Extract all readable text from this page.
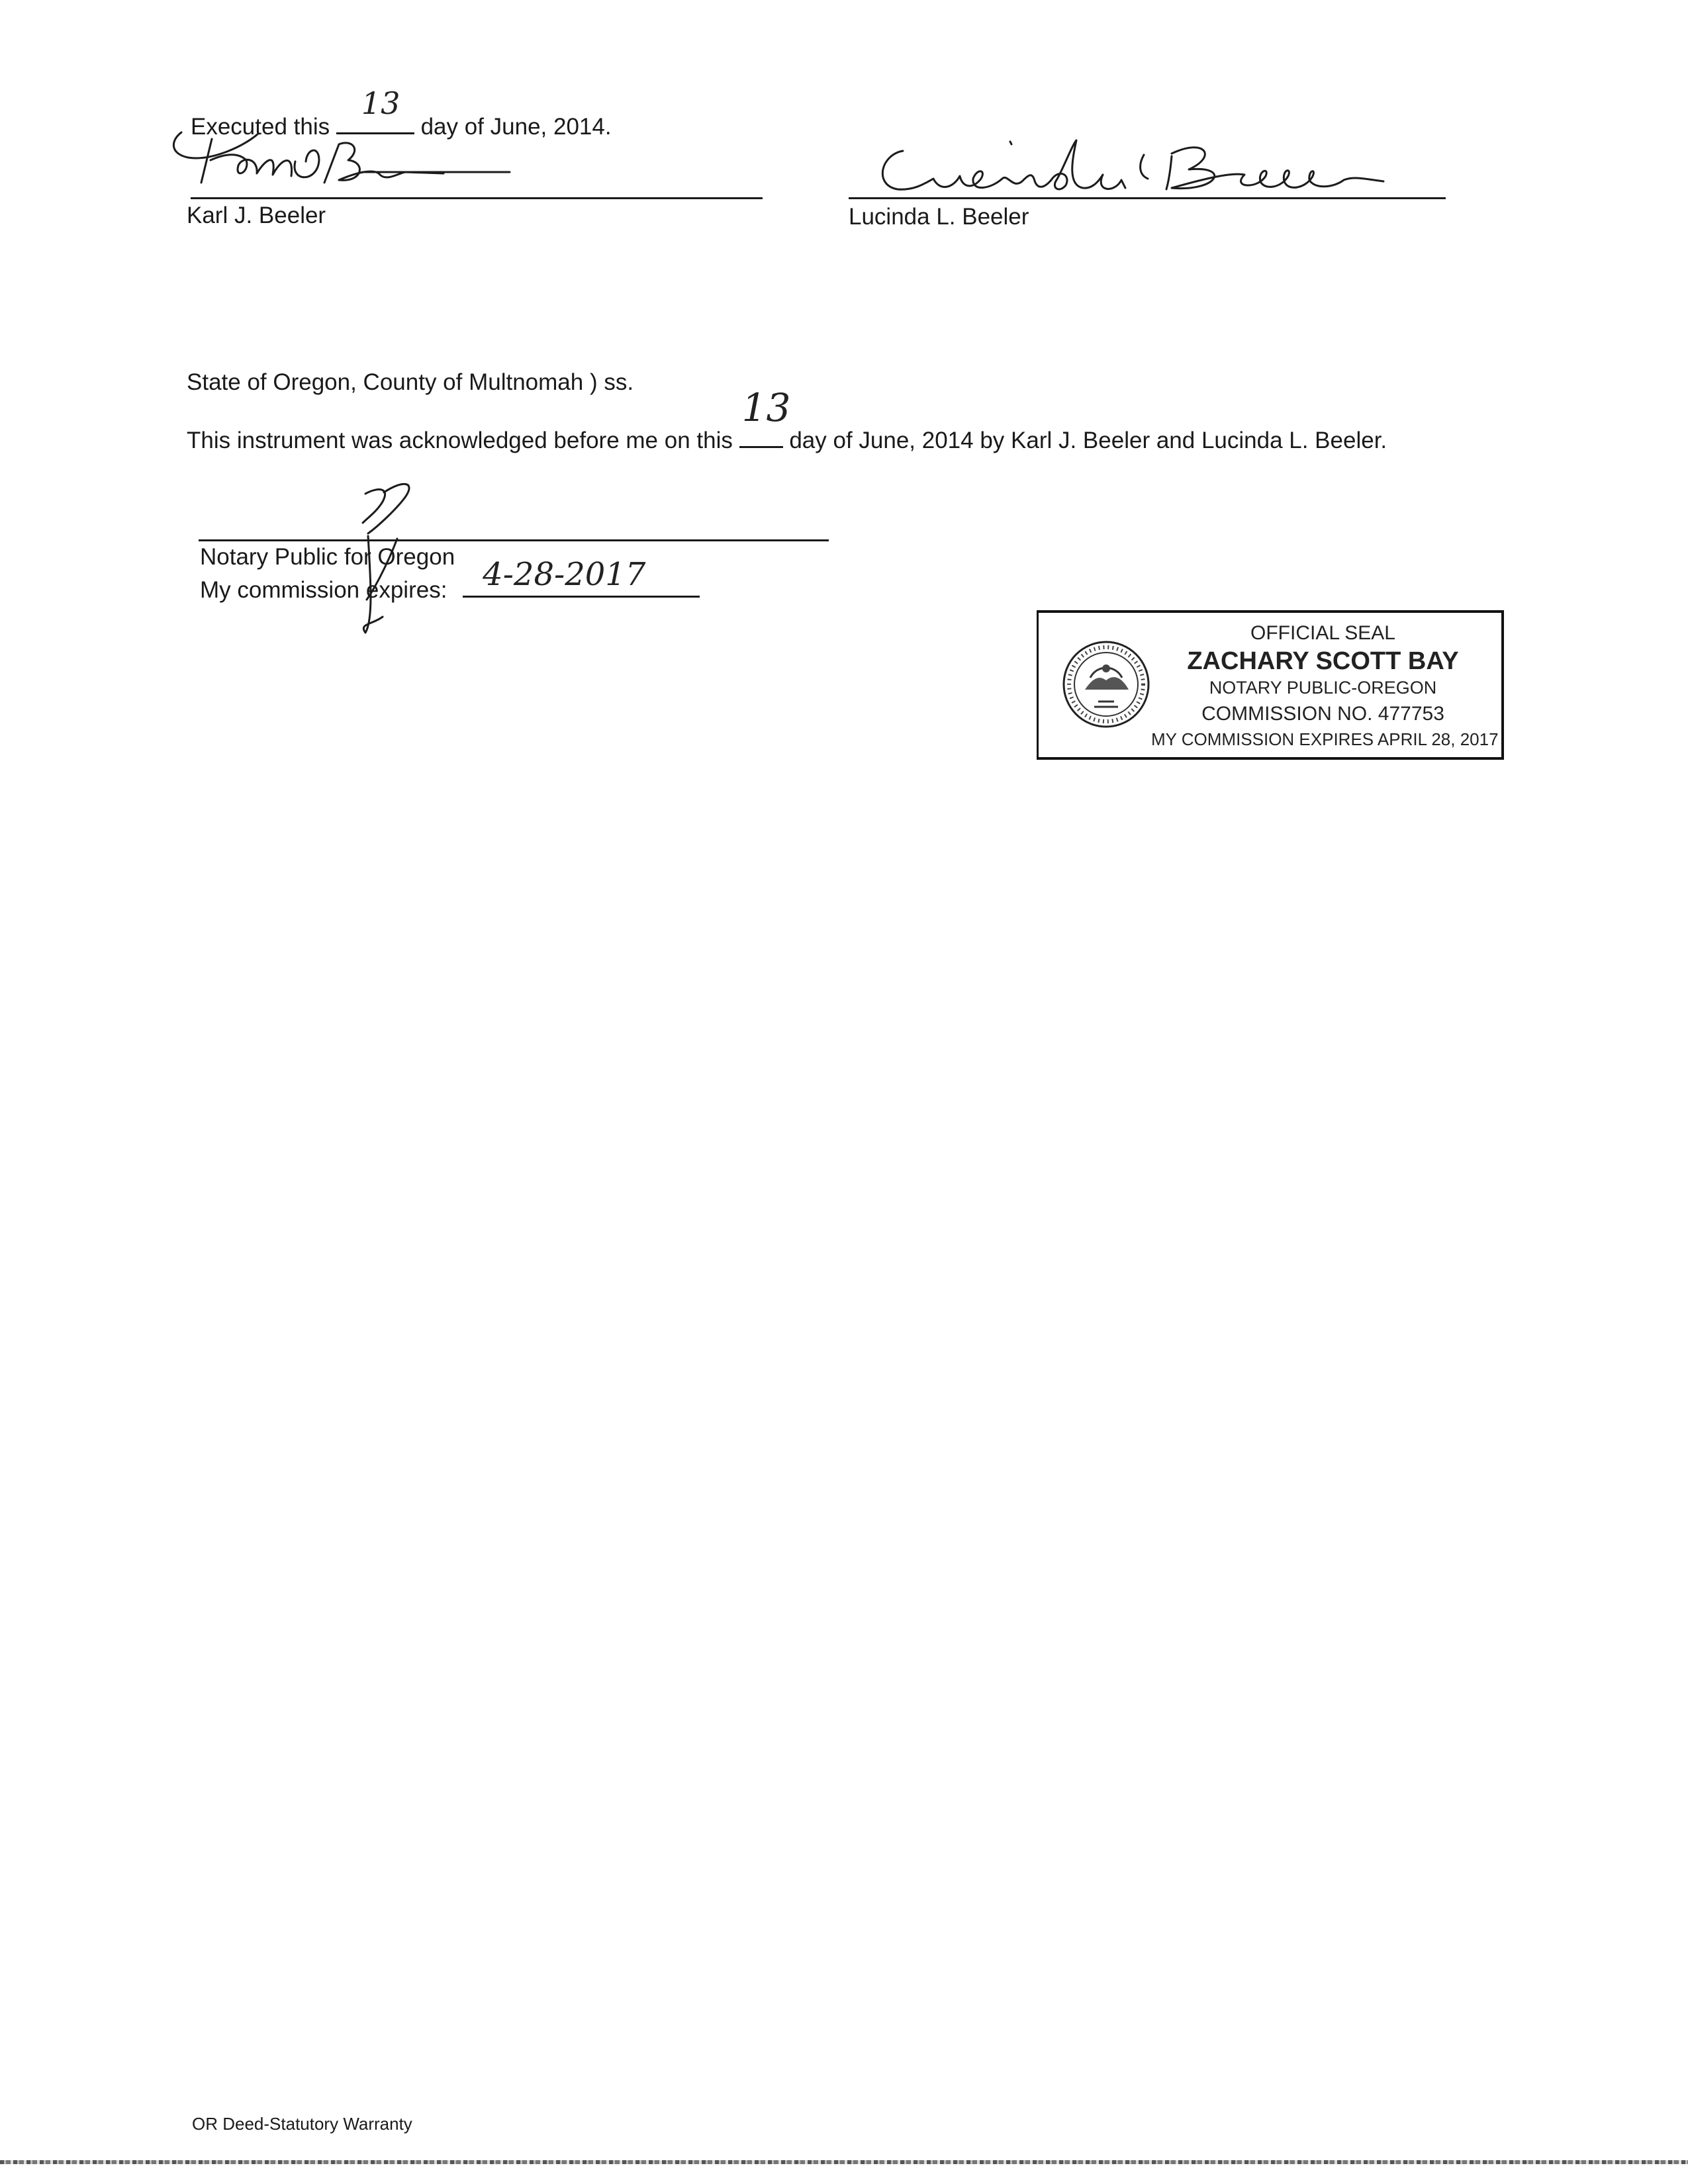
Executed this
13
day of June, 2014.
Karl J. Beeler	Lucinda L. Beeler
State of Oregon, County of Multnomah ) ss.
This instrument was acknowledged before me on this
13
day of June, 2014 by Karl J. Beeler and Lucinda L. Beeler.
Notary Public for Oregon
My commission expires: 4-28-2017
OFFICIAL SEAL
ZACHARY SCOTT BAY
NOTARY PUBLIC-OREGON
COMMISSION NO. 477753
MY COMMISSION EXPIRES APRIL 28, 2017
OR Deed-Statutory Warranty
